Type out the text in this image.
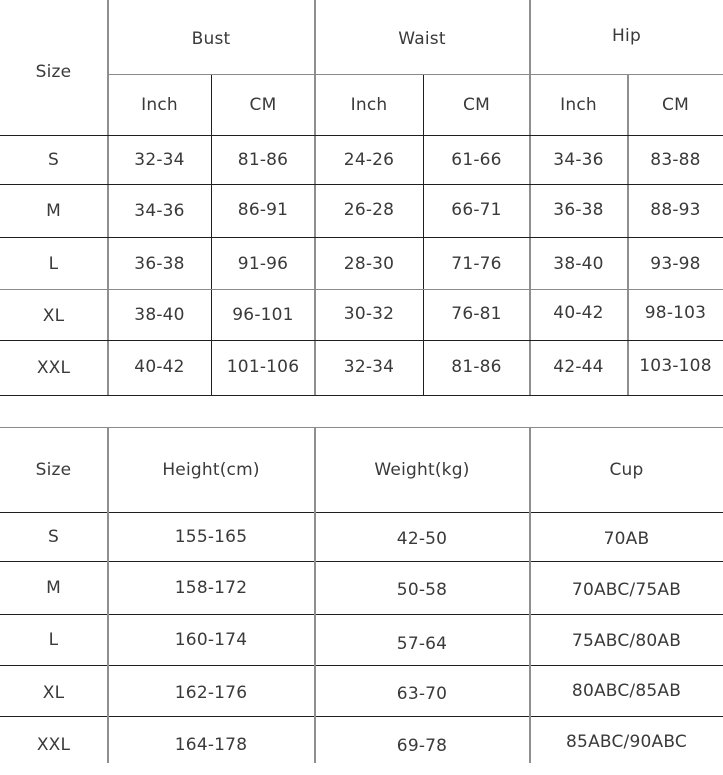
Size
Bust	Waist	Hip
Inch	CM	Inch	CM	Inch	CM
S	32-34	81-86	24-26	61-66	34-36	83-88
M	34-36	86-91	26-28	66-71	36-38	88-93
L	36-38	91-96	28-30	71-76	38-40	93-98
XL	38-40	96-101	30-32	76-81	40-42	98-103
XXL	40-42	101-106	32-34	81-86	42-44	103-108
Size	Height(cm)	Weight(kg)	Cup
S	155-165	42-50	70AB
M	158-172	50-58	70ABC/75AB
L	160-174	57-64	75ABC/80AB
XL	162-176	63-70	80ABC/85AB
XXL	164-178	69-78	85ABC/90ABC
